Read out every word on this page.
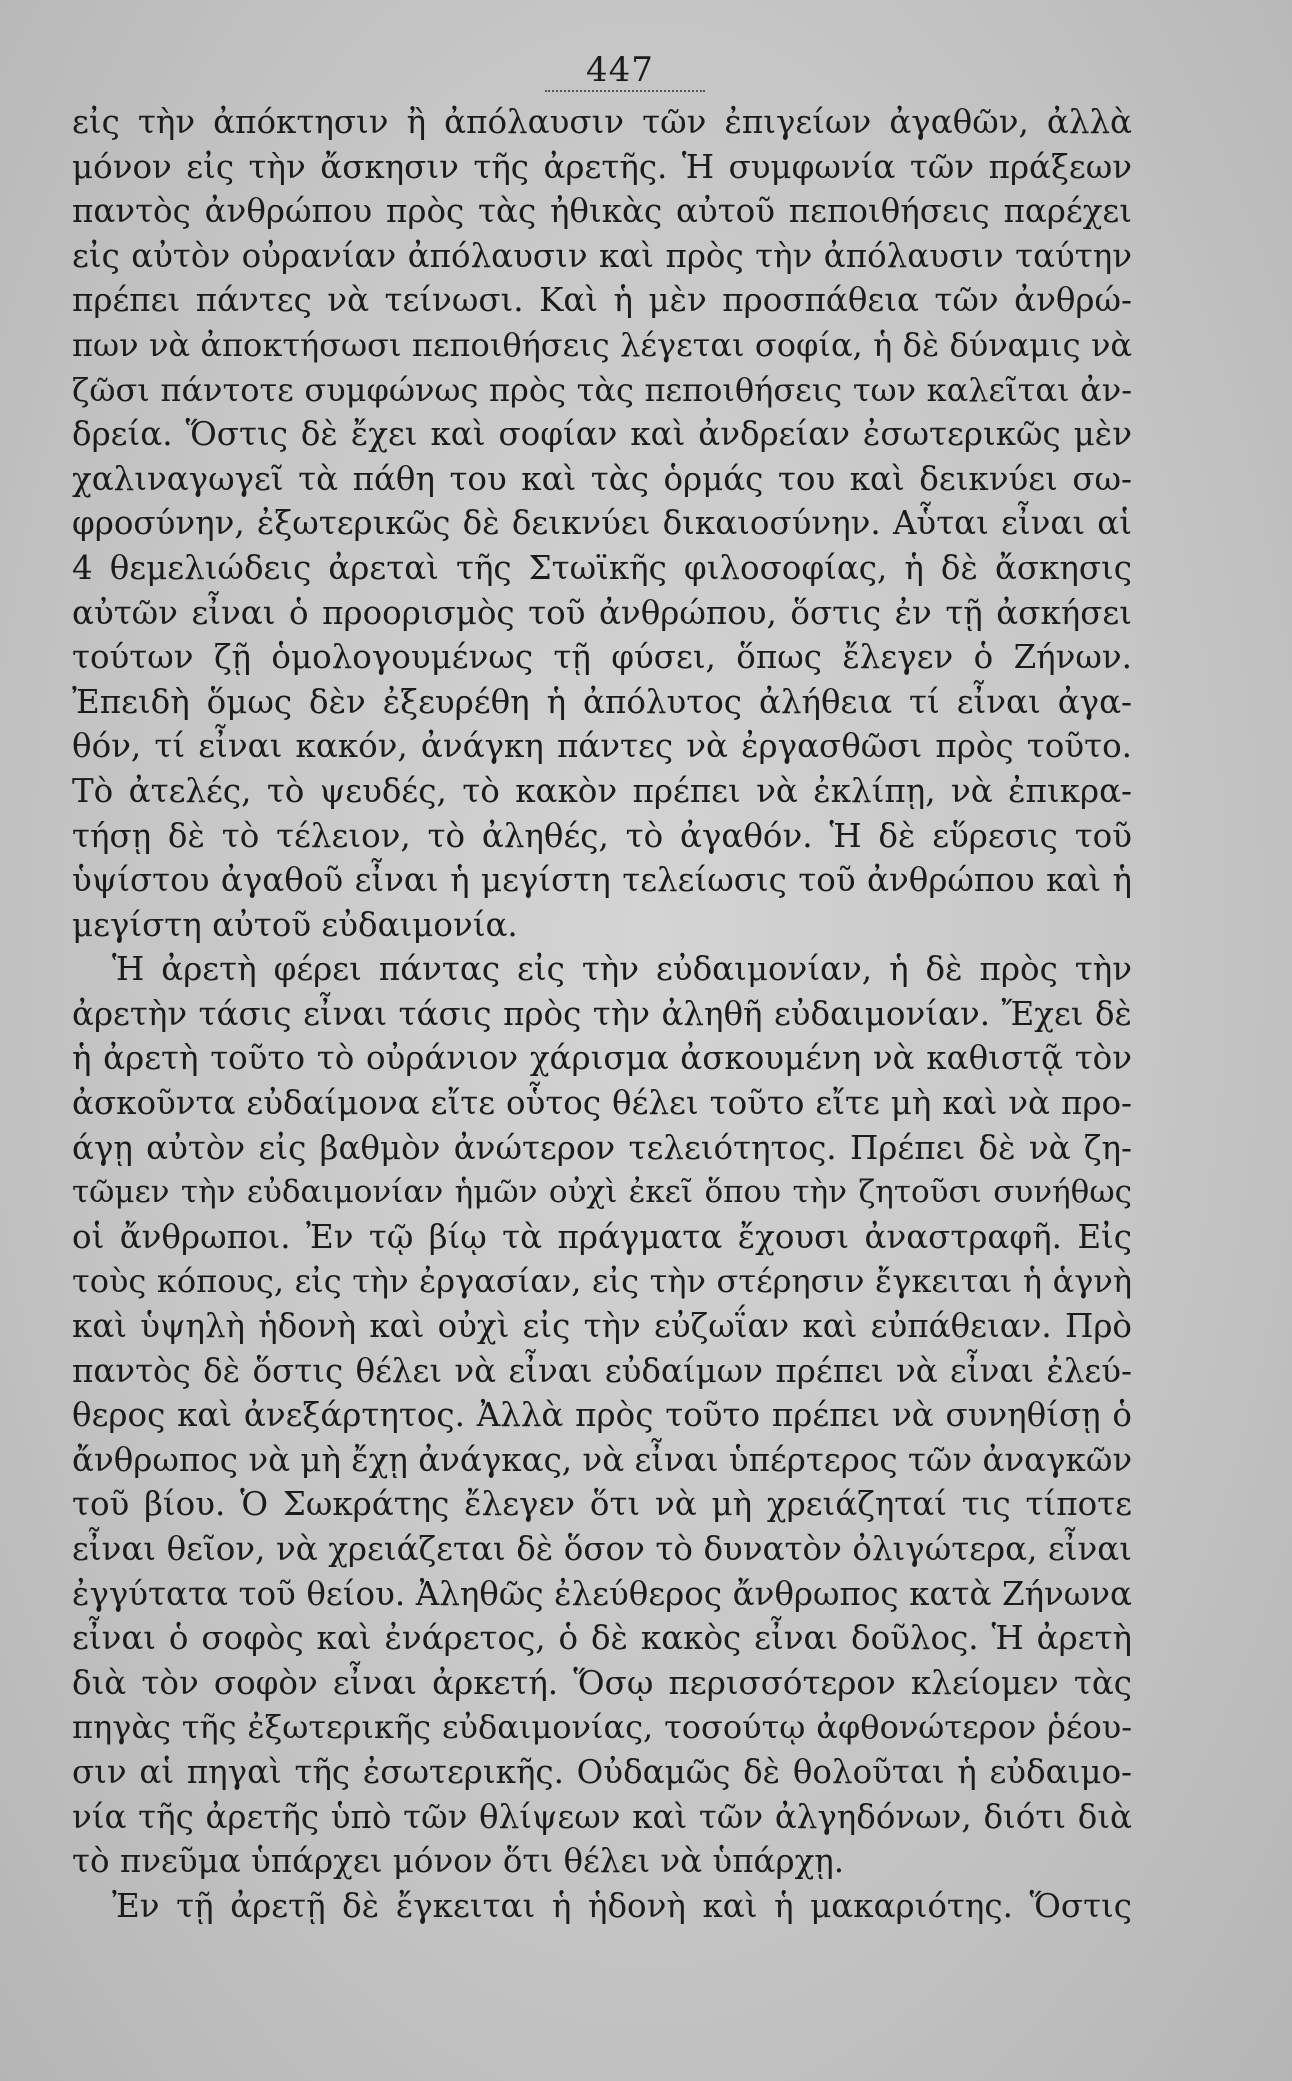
447
εἰς τὴν ἀπόκτησιν ἢ ἀπόλαυσιν τῶν ἐπιγείων ἀγαθῶν, ἀλλὰ
μόνον εἰς τὴν ἄσκησιν τῆς ἀρετῆς. Ἡ συμφωνία τῶν πράξεων
παντὸς ἀνθρώπου πρὸς τὰς ἠθικὰς αὐτοῦ πεποιθήσεις παρέχει
εἰς αὐτὸν οὐρανίαν ἀπόλαυσιν καὶ πρὸς τὴν ἀπόλαυσιν ταύτην
πρέπει πάντες νὰ τείνωσι. Καὶ ἡ μὲν προσπάθεια τῶν ἀνθρώ-
πων νὰ ἀποκτήσωσι πεποιθήσεις λέγεται σοφία, ἡ δὲ δύναμις νὰ
ζῶσι πάντοτε συμφώνως πρὸς τὰς πεποιθήσεις των καλεῖται ἀν-
δρεία. Ὅστις δὲ ἔχει καὶ σοφίαν καὶ ἀνδρείαν ἐσωτερικῶς μὲν
χαλιναγωγεῖ τὰ πάθη του καὶ τὰς ὁρμάς του καὶ δεικνύει σω-
φροσύνην, ἐξωτερικῶς δὲ δεικνύει δικαιοσύνην. Αὗται εἶναι αἱ
4 θεμελιώδεις ἀρεταὶ τῆς Στωϊκῆς φιλοσοφίας, ἡ δὲ ἄσκησις
αὐτῶν εἶναι ὁ προορισμὸς τοῦ ἀνθρώπου, ὅστις ἐν τῇ ἀσκήσει
τούτων ζῇ ὁμολογουμένως τῇ φύσει, ὅπως ἔλεγεν ὁ Ζήνων.
Ἐπειδὴ ὅμως δὲν ἐξευρέθη ἡ ἀπόλυτος ἀλήθεια τί εἶναι ἀγα-
θόν, τί εἶναι κακόν, ἀνάγκη πάντες νὰ ἐργασθῶσι πρὸς τοῦτο.
Τὸ ἀτελές, τὸ ψευδές, τὸ κακὸν πρέπει νὰ ἐκλίπῃ, νὰ ἐπικρα-
τήσῃ δὲ τὸ τέλειον, τὸ ἀληθές, τὸ ἀγαθόν. Ἡ δὲ εὕρεσις τοῦ
ὑψίστου ἀγαθοῦ εἶναι ἡ μεγίστη τελείωσις τοῦ ἀνθρώπου καὶ ἡ
μεγίστη αὐτοῦ εὐδαιμονία.
Ἡ ἀρετὴ φέρει πάντας εἰς τὴν εὐδαιμονίαν, ἡ δὲ πρὸς τὴν
ἀρετὴν τάσις εἶναι τάσις πρὸς τὴν ἀληθῆ εὐδαιμονίαν. Ἔχει δὲ
ἡ ἀρετὴ τοῦτο τὸ οὐράνιον χάρισμα ἀσκουμένη νὰ καθιστᾷ τὸν
ἀσκοῦντα εὐδαίμονα εἴτε οὗτος θέλει τοῦτο εἴτε μὴ καὶ νὰ προ-
άγῃ αὐτὸν εἰς βαθμὸν ἀνώτερον τελειότητος. Πρέπει δὲ νὰ ζη-
τῶμεν τὴν εὐδαιμονίαν ἡμῶν οὐχὶ ἐκεῖ ὅπου τὴν ζητοῦσι συνήθως
οἱ ἄνθρωποι. Ἐν τῷ βίῳ τὰ πράγματα ἔχουσι ἀναστραφῆ. Εἰς
τοὺς κόπους, εἰς τὴν ἐργασίαν, εἰς τὴν στέρησιν ἔγκειται ἡ ἁγνὴ
καὶ ὑψηλὴ ἡδονὴ καὶ οὐχὶ εἰς τὴν εὐζωΐαν καὶ εὐπάθειαν. Πρὸ
παντὸς δὲ ὅστις θέλει νὰ εἶναι εὐδαίμων πρέπει νὰ εἶναι ἐλεύ-
θερος καὶ ἀνεξάρτητος. Ἀλλὰ πρὸς τοῦτο πρέπει νὰ συνηθίσῃ ὁ
ἄνθρωπος νὰ μὴ ἔχῃ ἀνάγκας, νὰ εἶναι ὑπέρτερος τῶν ἀναγκῶν
τοῦ βίου. Ὁ Σωκράτης ἔλεγεν ὅτι νὰ μὴ χρειάζηταί τις τίποτε
εἶναι θεῖον, νὰ χρειάζεται δὲ ὅσον τὸ δυνατὸν ὀλιγώτερα, εἶναι
ἐγγύτατα τοῦ θείου. Ἀληθῶς ἐλεύθερος ἄνθρωπος κατὰ Ζήνωνα
εἶναι ὁ σοφὸς καὶ ἐνάρετος, ὁ δὲ κακὸς εἶναι δοῦλος. Ἡ ἀρετὴ
διὰ τὸν σοφὸν εἶναι ἀρκετή. Ὅσῳ περισσότερον κλείομεν τὰς
πηγὰς τῆς ἐξωτερικῆς εὐδαιμονίας, τοσούτῳ ἀφθονώτερον ῥέου-
σιν αἱ πηγαὶ τῆς ἐσωτερικῆς. Οὐδαμῶς δὲ θολοῦται ἡ εὐδαιμο-
νία τῆς ἀρετῆς ὑπὸ τῶν θλίψεων καὶ τῶν ἀλγηδόνων, διότι διὰ
τὸ πνεῦμα ὑπάρχει μόνον ὅτι θέλει νὰ ὑπάρχῃ.
Ἐν τῇ ἀρετῇ δὲ ἔγκειται ἡ ἡδονὴ καὶ ἡ μακαριότης. Ὅστις
